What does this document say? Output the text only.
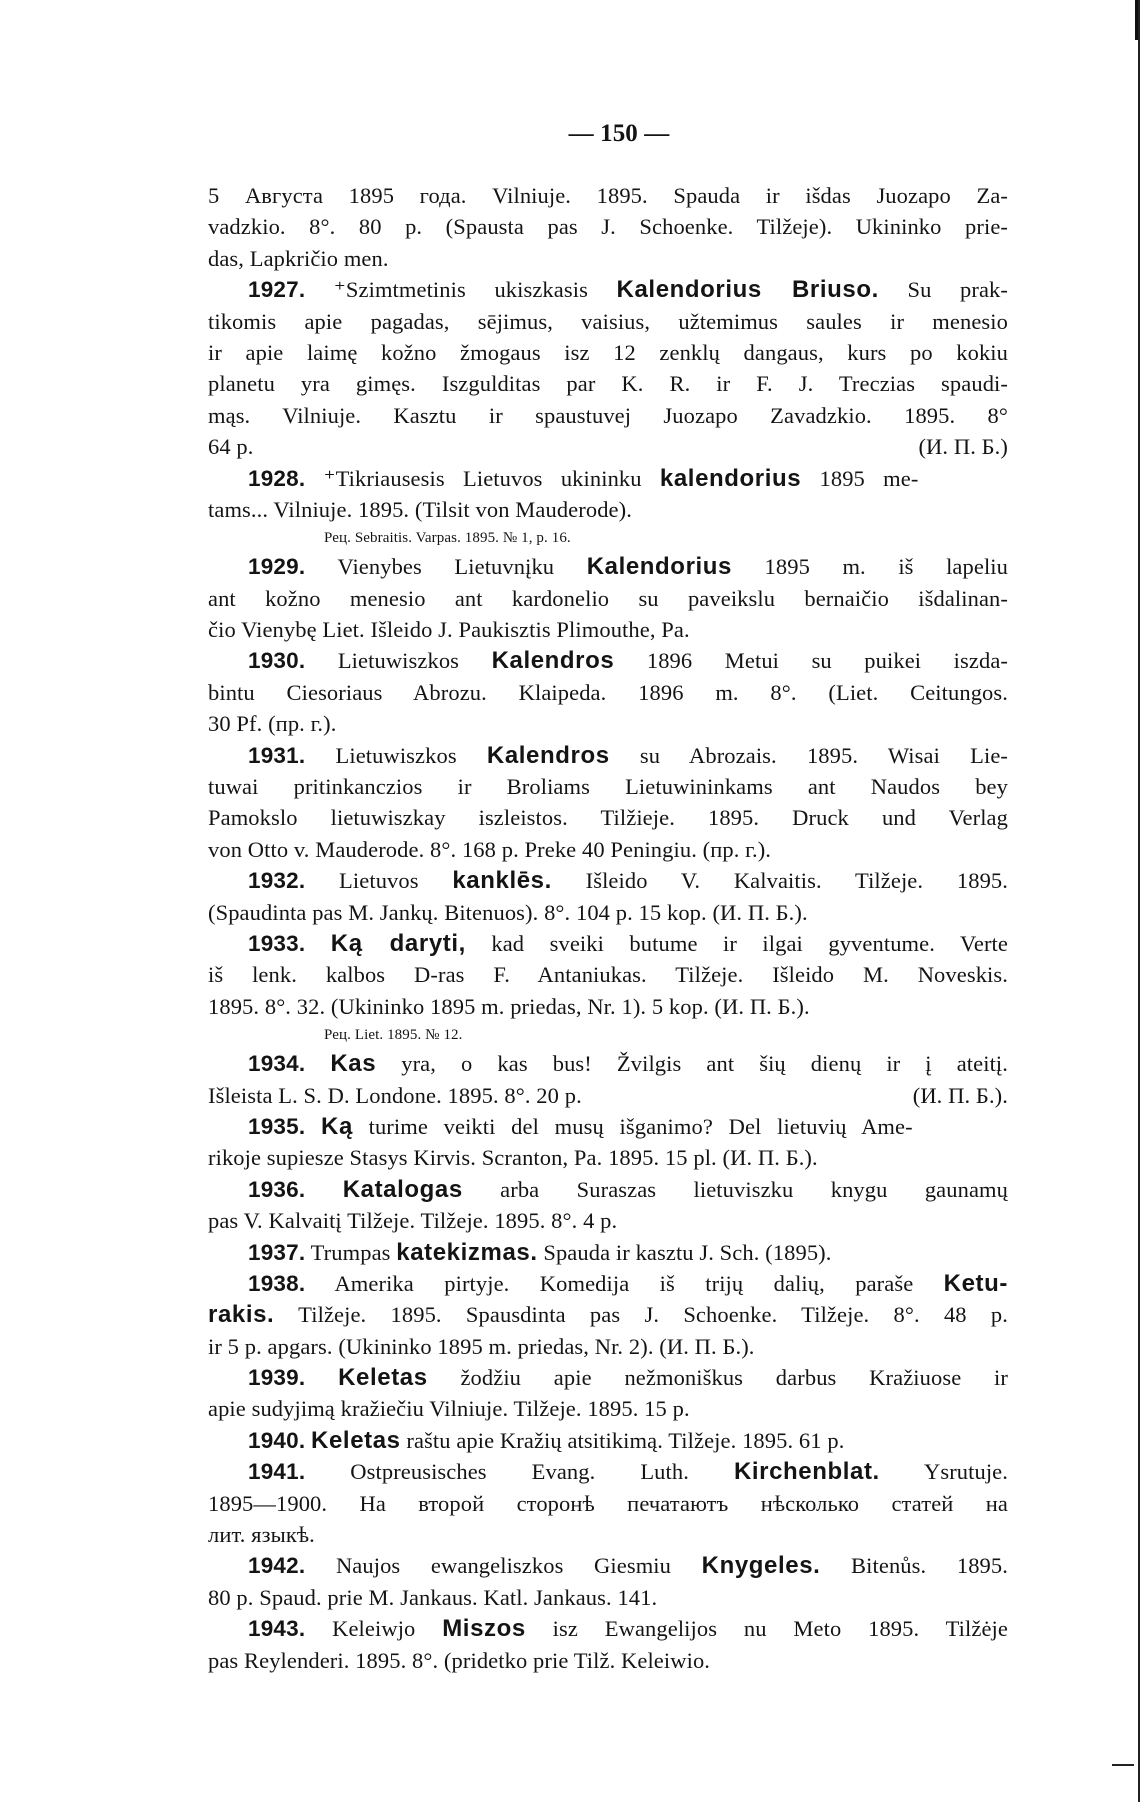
— 150 —
5 Августа 1895 года. Vilniuje. 1895. Spauda ir išdas Juozapo Za-
vadzkio. 8°. 80 p. (Spausta pas J. Schoenke. Tilžeje). Ukininko prie-
das, Lapkričio men.
1927. ⁺Szimtmetinis ukiszkasis Kalendorius Briuso. Su prak-
tikomis apie pagadas, sējimus, vaisius, užtemimus saules ir menesio
ir apie laimę kožno žmogaus isz 12 zenklų dangaus, kurs po kokiu
planetu yra gimęs. Iszgulditas par K. R. ir F. J. Treczias spaudi-
mąs. Vilniuje. Kasztu ir spaustuvej Juozapo Zavadzkio. 1895. 8°
64 p.	(И. П. Б.)
1928. ⁺Tikriausesis Lietuvos ukininku kalendorius 1895 me-
tams... Vilniuje. 1895. (Tilsit von Mauderode).
Рец. Sebraitis. Varpas. 1895. № 1, p. 16.
1929. Vienybes Lietuvnįku Kalendorius 1895 m. iš lapeliu
ant kožno menesio ant kardonelio su paveikslu bernaičio išdalinan-
čio Vienybę Liet. Išleido J. Paukisztis Plimouthe, Pa.
1930. Lietuwiszkos Kalendros 1896 Metui su puikei iszda-
bintu Ciesoriaus Abrozu. Klaipeda. 1896 m. 8°. (Liet. Ceitungos.
30 Pf. (пр. г.).
1931. Lietuwiszkos Kalendros su Abrozais. 1895. Wisai Lie-
tuwai pritinkanczios ir Broliams Lietuwininkams ant Naudos bey
Pamokslo lietuwiszkay iszleistos. Tilžieje. 1895. Druck und Verlag
von Otto v. Mauderode. 8°. 168 p. Preke 40 Peningiu. (пр. г.).
1932. Lietuvos kanklēs. Išleido V. Kalvaitis. Tilžeje. 1895.
(Spaudinta pas M. Jankų. Bitenuos). 8°. 104 p. 15 kop. (И. П. Б.).
1933. Ką daryti, kad sveiki butume ir ilgai gyventume. Verte
iš lenk. kalbos D-ras F. Antaniukas. Tilžeje. Išleido M. Noveskis.
1895. 8°. 32. (Ukininko 1895 m. priedas, Nr. 1). 5 kop. (И. П. Б.).
Рец. Liet. 1895. № 12.
1934. Kas yra, o kas bus! Žvilgis ant šių dienų ir į ateitį.
Išleista L. S. D. Londone. 1895. 8°. 20 p.	(И. П. Б.).
1935. Ką turime veikti del musų išganimo? Del lietuvių Ame-
rikoje supiesze Stasys Kirvis. Scranton, Pa. 1895. 15 pl. (И. П. Б.).
1936. Katalogas arba Suraszas lietuviszku knygu gaunamų
pas V. Kalvaitį Tilžeje. Tilžeje. 1895. 8°. 4 p.
1937. Trumpas katekizmas. Spauda ir kasztu J. Sch. (1895).
1938. Amerika pirtyje. Komedija iš trijų dalių, paraše Ketu-
rakis. Tilžeje. 1895. Spausdinta pas J. Schoenke. Tilžeje. 8°. 48 p.
ir 5 p. apgars. (Ukininko 1895 m. priedas, Nr. 2). (И. П. Б.).
1939. Keletas žodžiu apie nežmoniškus darbus Kražiuose ir
apie sudyjimą kražiečiu Vilniuje. Tilžeje. 1895. 15 p.
1940. Keletas raštu apie Kražių atsitikimą. Tilžeje. 1895. 61 p.
1941. Ostpreusisches Evang. Luth. Kirchenblat. Ysrutuje.
1895—1900. На второй сторонѣ печатаютъ нѣсколько статей на
лит. языкѣ.
1942. Naujos ewangeliszkos Giesmiu Knygeles. Bitenůs. 1895.
80 p. Spaud. prie M. Jankaus. Katl. Jankaus. 141.
1943. Keleiwjo Miszos isz Ewangelijos nu Meto 1895. Tilžėje
pas Reylenderi. 1895. 8°. (pridetko prie Tilž. Keleiwio.
